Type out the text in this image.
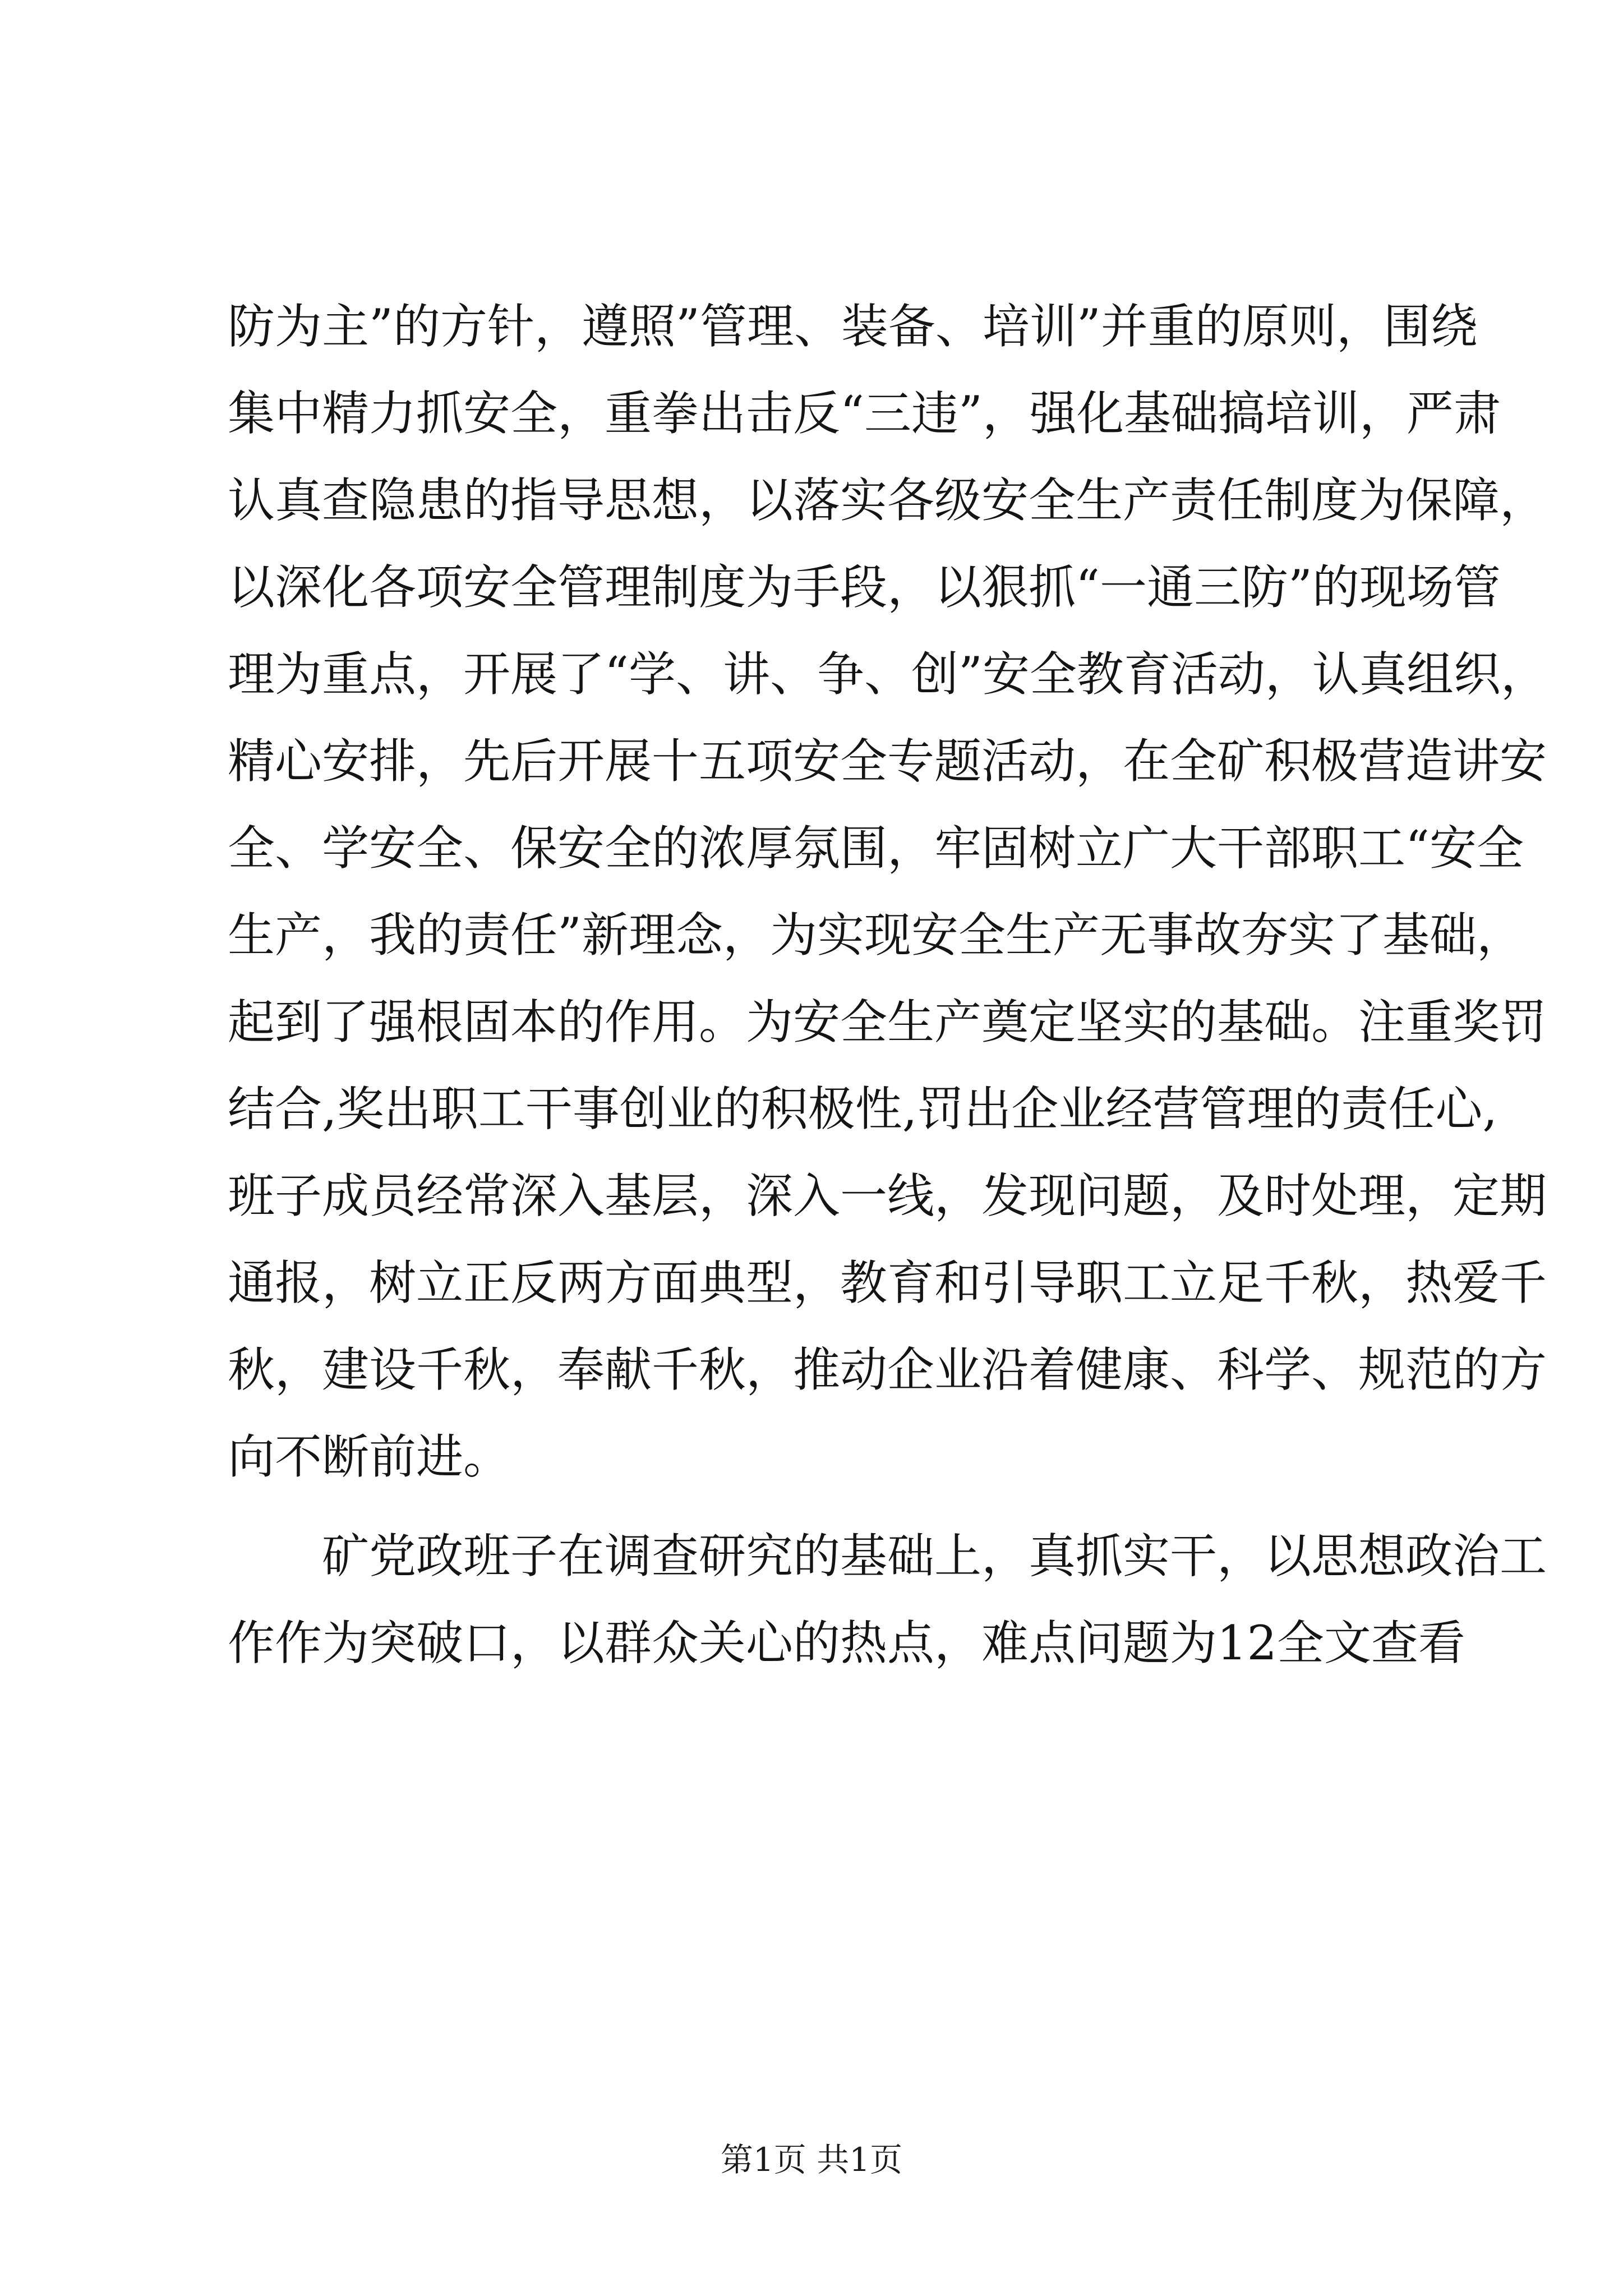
防为主”的方针，遵照”管理、装备、培训”并重的原则，围绕
集中精力抓安全，重拳出击反“三违”，强化基础搞培训，严肃
认真查隐患的指导思想，以落实各级安全生产责任制度为保障，
以深化各项安全管理制度为手段，以狠抓“一通三防”的现场管
理为重点，开展了“学、讲、争、创”安全教育活动，认真组织，
精心安排，先后开展十五项安全专题活动，在全矿积极营造讲安
全、学安全、保安全的浓厚氛围，牢固树立广大干部职工“安全
生产，我的责任”新理念，为实现安全生产无事故夯实了基础，
起到了强根固本的作用。为安全生产奠定坚实的基础。注重奖罚
结合,奖出职工干事创业的积极性,罚出企业经营管理的责任心,
班子成员经常深入基层，深入一线，发现问题，及时处理，定期
通报，树立正反两方面典型，教育和引导职工立足千秋，热爱千
秋，建设千秋，奉献千秋，推动企业沿着健康、科学、规范的方
向不断前进。
矿党政班子在调查研究的基础上，真抓实干，以思想政治工
作作为突破口，以群众关心的热点，难点问题为12全文查看
第1页 共1页
